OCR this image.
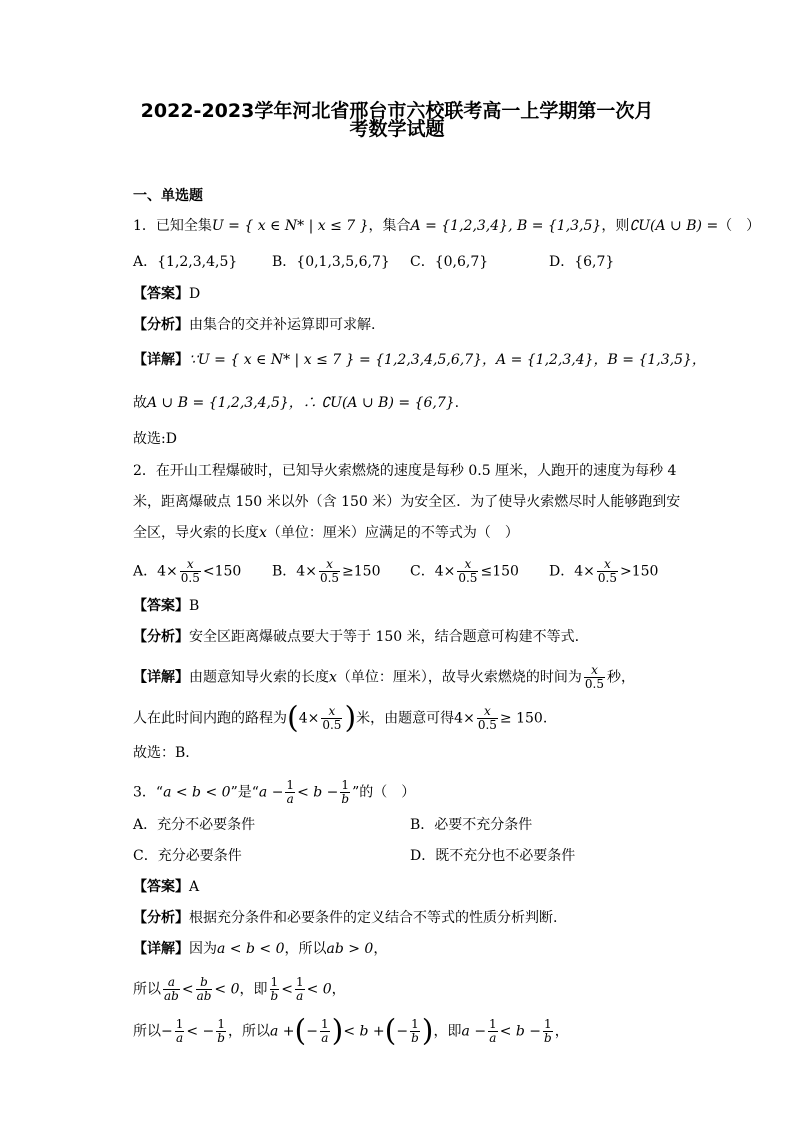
2022-2023学年河北省邢台市六校联考高一上学期第一次月
考数学试题
一、单选题
1．已知全集U = { x ∈ N* | x ≤ 7 }，集合A = {1,2,3,4}, B = {1,3,5}，则∁U(A ∪ B) =（　）
A．{1,2,3,4,5} B．{0,1,3,5,6,7} C．{0,6,7}	D．{6,7}
【答案】D
【分析】由集合的交并补运算即可求解.
【详解】∵U = { x ∈ N* | x ≤ 7 } = {1,2,3,4,5,6,7}，A = {1,2,3,4}，B = {1,3,5}，
故A ∪ B = {1,2,3,4,5}，∴ ∁U(A ∪ B) = {6,7}.
故选:D
2．在开山工程爆破时，已知导火索燃烧的速度是每秒 0.5 厘米，人跑开的速度为每秒 4
米，距离爆破点 150 米以外（含 150 米）为安全区．为了使导火索燃尽时人能够跑到安
全区，导火索的长度x（单位：厘米）应满足的不等式为（　）
A．$4\times \frac{x}{0.5} <150$ B．$4\times \frac{x}{0.5} \ge 150$ C．$4\times \frac{x}{0.5} \le 150$ D．$4\times \frac{x}{0.5} >150$
【答案】B
【分析】安全区距离爆破点要大于等于 150 米，结合题意可构建不等式.
【详解】由题意知导火索的长度x（单位：厘米），故导火索燃烧的时间为 $\frac{x}{0.5}$ 秒，
人在此时间内跑的路程为($4\times \frac{x}{0.5}$ )米，由题意可得$4\times \frac{x}{0.5} \ge 150$.
故选：B.
3．“a < b < 0”是“$a - \frac{1}{a} < b - \frac{1}{b}$ ”的（　）
A．充分不必要条件	B．必要不充分条件
C．充分必要条件	D．既不充分也不必要条件
【答案】A
【分析】根据充分条件和必要条件的定义结合不等式的性质分析判断.
【详解】因为a < b < 0，所以ab > 0，
所以 $\frac{a}{ab} < \frac{b}{ab} < 0$，即 $\frac{1}{b} < \frac{1}{a} < 0$，
所以− $\frac{1}{a}$ < − $\frac{1}{b}$ ，所以a +(− $\frac{1}{a}$ )< b +(− $\frac{1}{b}$ )，即$a - \frac{1}{a} < b - \frac{1}{b}$ ，
